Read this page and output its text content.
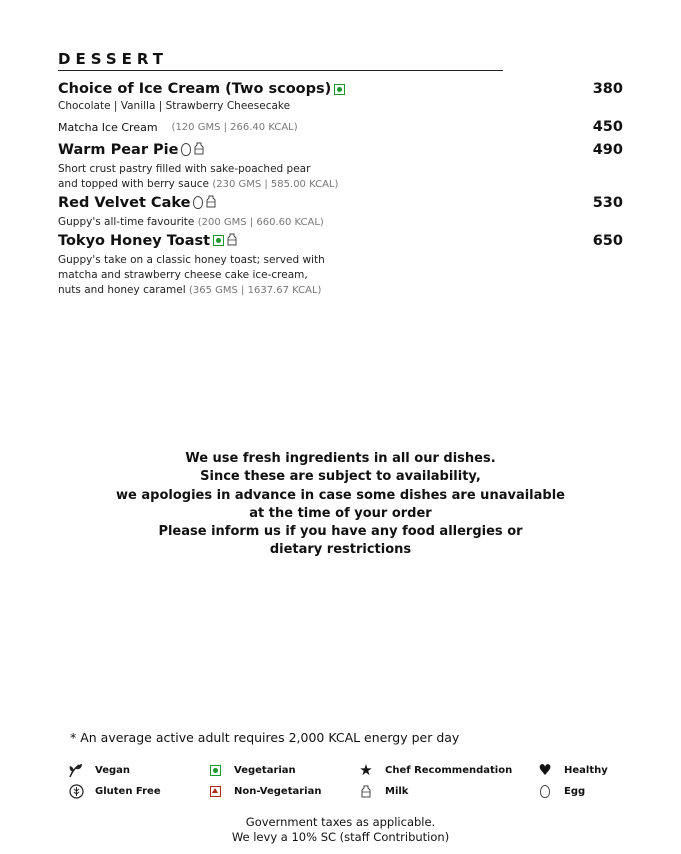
DESSERT
Choice of Ice Cream (Two scoops)	380
Chocolate | Vanilla | Strawberry Cheesecake
Matcha Ice Cream (120 GMS | 266.40 KCAL)	450
Warm Pear Pie	490
Short crust pastry filled with sake-poached pear
and topped with berry sauce (230 GMS | 585.00 KCAL)
Red Velvet Cake	530
Guppy's all-time favourite (200 GMS | 660.60 KCAL)
Tokyo Honey Toast	650
Guppy's take on a classic honey toast; served with
matcha and strawberry cheese cake ice-cream,
nuts and honey caramel (365 GMS | 1637.67 KCAL)
We use fresh ingredients in all our dishes.
Since these are subject to availability,
we apologies in advance in case some dishes are unavailable
at the time of your order
Please inform us if you have any food allergies or
dietary restrictions
* An average active adult requires 2,000 KCAL energy per day
Vegan	Vegetarian	★ Chef Recommendation ♥ Healthy
Gluten Free	Non-Vegetarian	Milk	Egg
Government taxes as applicable.
We levy a 10% SC (staff Contribution)
